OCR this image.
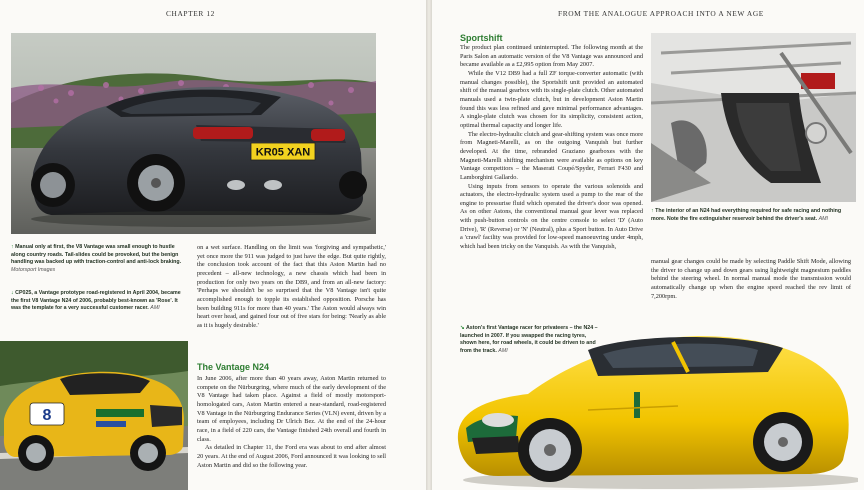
CHAPTER 12
KR05 XAN
↑ Manual only at first, the V8 Vantage was small enough to hustle along country roads. Tail-slides could be provoked, but the benign handling was backed up with traction-control and anti-lock braking. Motorsport Images
↓ CP025, a Vantage prototype road-registered in April 2004, became the first V8 Vantage N24 of 2006, probably best-known as 'Rose'. It was the template for a very successful customer racer. AMI
8

on a wet surface. Handling on the limit was 'forgiving and sympathetic,' yet once more the 911 was judged to just have the edge. But quite rightly, the conclusion took account of the fact that this Aston Martin had no precedent – all-new technology, a new chassis which had been in production for only two years on the DB9, and from an all-new factory: 'Perhaps we shouldn't be so surprised that the V8 Vantage isn't quite accomplished enough to topple its established opposition. Porsche has been building 911s for more than 40 years.' The Aston would always win heart over head, and gained four out of five stars for being: 'Nearly as able as it is hugely desirable.'

The Vantage N24

In June 2006, after more than 40 years away, Aston Martin returned to compete on the Nürburgring, where much of the early development of the V8 Vantage had taken place. Against a field of mostly motorsport-homologated cars, Aston Martin entered a near-standard, road-registered V8 Vantage in the Nürburgring Endurance Series (VLN) event, driven by a team of employees, including Dr Ulrich Bez. At the end of the 24-hour race, in a field of 220 cars, the Vantage finished 24th overall and fourth in class.

As detailed in Chapter 11, the Ford era was about to end after almost 20 years. At the end of August 2006, Ford announced it was looking to sell Aston Martin and did so the following year.

FROM THE ANALOGUE APPROACH INTO A NEW AGE
Sportshift

The product plan continued uninterrupted. The following month at the Paris Salon an automatic version of the V8 Vantage was announced and became available as a £2,995 option from May 2007.

While the V12 DB9 had a full ZF torque-converter automatic (with manual changes possible), the Sportshift unit provided an automated shift of the manual gearbox with its single-plate clutch. Other automated manuals used a twin-plate clutch, but in development Aston Martin found this was less refined and gave minimal performance advantages. A single-plate clutch was chosen for its simplicity, consistent action, optimal thermal capacity and longer life.

The electro-hydraulic clutch and gear-shifting system was once more from Magneti-Marelli, as on the outgoing Vanquish but further developed. At the time, rebranded Graziano gearboxes with the Magneti-Marelli shifting mechanism were available as options on key Vantage competitors – the Maserati Coupé/Spyder, Ferrari F430 and Lamborghini Gallardo.

Using inputs from sensors to operate the various solenoids and actuators, the electro-hydraulic system used a pump to the rear of the engine to pressurise fluid which operated the driver's door was opened. As on other Astons, the conventional manual gear lever was replaced with push-button controls on the centre console to select 'D' (Auto Drive), 'R' (Reverse) or 'N' (Neutral), plus a Sport button. In Auto Drive a 'crawl' facility was provided for low-speed manoeuvring under 4mph, which had been tricky on the Vanquish. As with the Vanquish,

↑ The interior of an N24 had everything required for safe racing and nothing more. Note the fire extinguisher reservoir behind the driver's seat. AMI

manual gear changes could be made by selecting Paddle Shift Mode, allowing the driver to change up and down gears using lightweight magnesium paddles behind the steering wheel. In normal manual mode the transmission would automatically change up when the engine speed reached the rev limit of 7,200rpm.

↘ Aston's first Vantage racer for privateers – the N24 – launched in 2007. If you swapped the racing tyres, shown here, for road wheels, it could be driven to and from the track. AMI
